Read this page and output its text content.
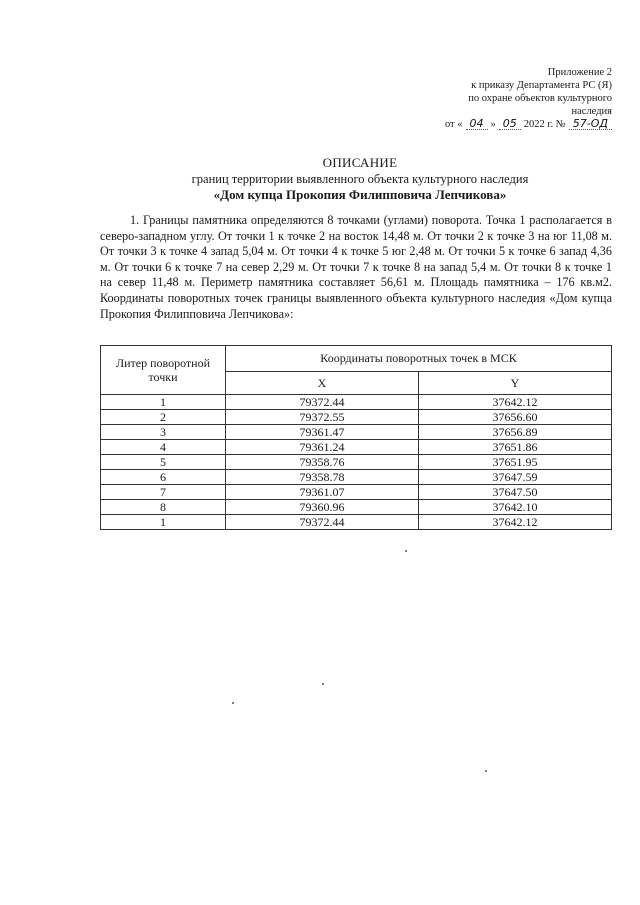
Приложение 2
к приказу Департамента РС (Я)
по охране объектов культурного
наследия
от « 04 » 05 2022 г. № 57-ОД
ОПИСАНИЕ
границ территории выявленного объекта культурного наследия
«Дом купца Прокопия Филипповича Лепчикова»
1. Границы памятника определяются 8 точками (углами) поворота. Точка 1 располагается в северо-западном углу. От точки 1 к точке 2 на восток 14,48 м. От точки 2 к точке 3 на юг 11,08 м. От точки 3 к точке 4 запад 5,04 м. От точки 4 к точке 5 юг 2,48 м. От точки 5 к точке 6 запад 4,36 м. От точки 6 к точке 7 на север 2,29 м. От точки 7 к точке 8 на запад 5,4 м. От точки 8 к точке 1 на север 11,48 м. Периметр памятника составляет 56,61 м. Площадь памятника – 176 кв.м2. Координаты поворотных точек границы выявленного объекта культурного наследия «Дом купца Прокопия Филипповича Лепчикова»:
Литер поворотной точки	Координаты поворотных точек в МСК	
	X	Y
1	79372.44	37642.12
2	79372.55	37656.60
3	79361.47	37656.89
4	79361.24	37651.86
5	79358.76	37651.95
6	79358.78	37647.59
7	79361.07	37647.50
8	79360.96	37642.10
1	79372.44	37642.12
